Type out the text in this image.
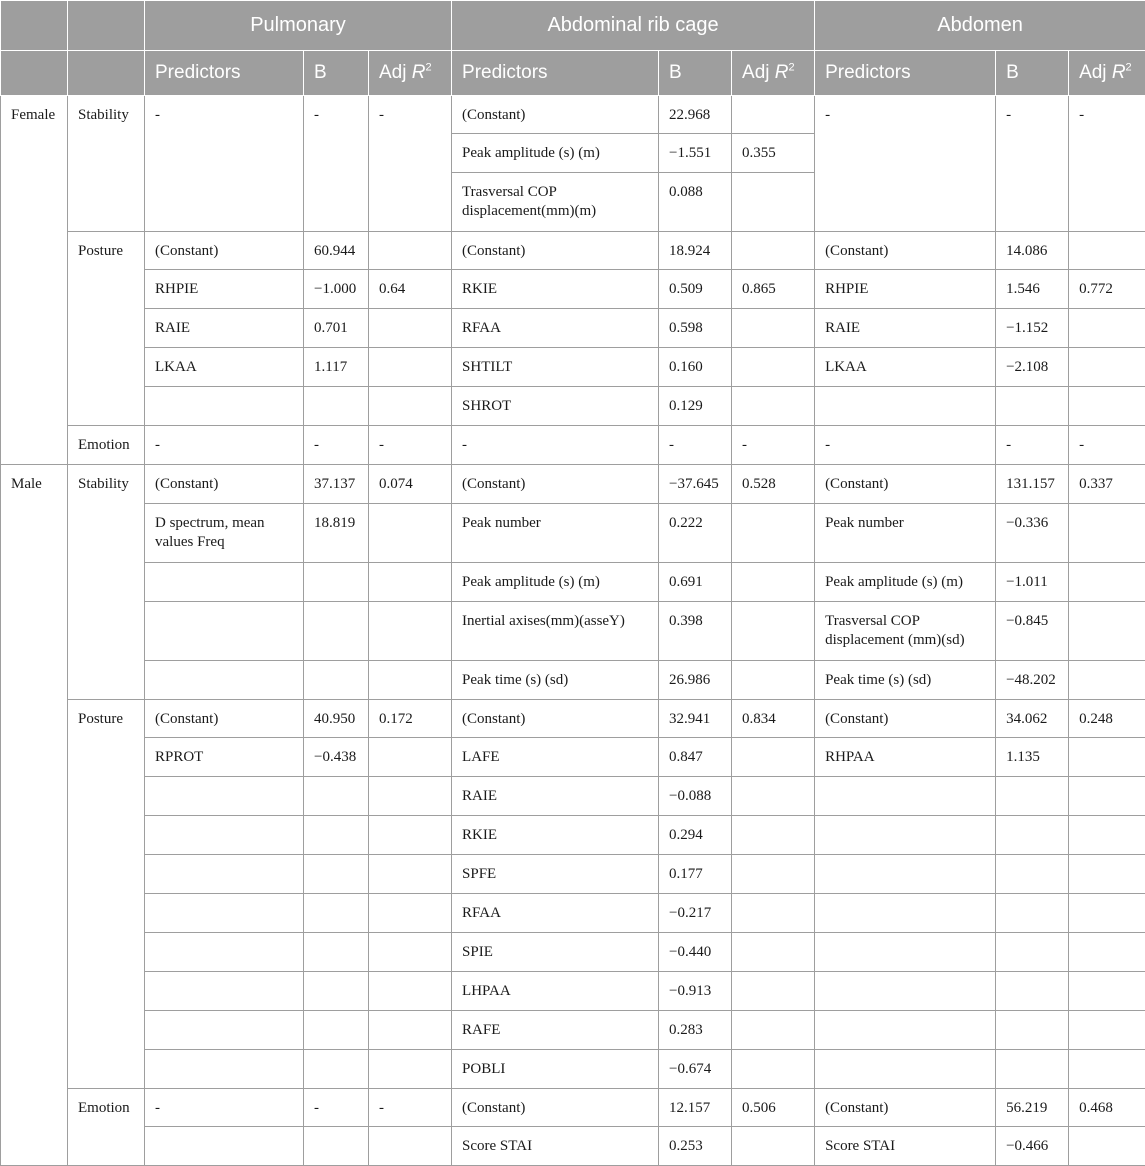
		Pulmonary			Abdominal rib cage			Abdomen		
		Predictors	B	Adj $R^2$	Predictors	B	Adj $R^2$	Predictors	B	Adj $R^2$
Female	Stability	-	-	-	(Constant)	22.968		-	-	-
					Peak amplitude (s) (m)	−1.551	0.355			
					Trasversal COP displacement(mm)(m)	0.088				
	Posture	(Constant)	60.944		(Constant)	18.924		(Constant)	14.086	
		RHPIE	−1.000	0.64	RKIE	0.509	0.865	RHPIE	1.546	0.772
		RAIE	0.701		RFAA	0.598		RAIE	−1.152	
		LKAA	1.117		SHTILT	0.160		LKAA	−2.108	
					SHROT	0.129				
	Emotion	-	-	-	-	-	-	-	-	-
Male	Stability	(Constant)	37.137	0.074	(Constant)	−37.645	0.528	(Constant)	131.157	0.337
		D spectrum, mean values Freq	18.819		Peak number	0.222		Peak number	−0.336	
					Peak amplitude (s) (m)	0.691		Peak amplitude (s) (m)	−1.011	
					Inertial axises(mm)(asseY)	0.398		Trasversal COP displacement (mm)(sd)	−0.845	
					Peak time (s) (sd)	26.986		Peak time (s) (sd)	−48.202	
	Posture	(Constant)	40.950	0.172	(Constant)	32.941	0.834	(Constant)	34.062	0.248
		RPROT	−0.438		LAFE	0.847		RHPAA	1.135	
					RAIE	−0.088				
					RKIE	0.294				
					SPFE	0.177				
					RFAA	−0.217				
					SPIE	−0.440				
					LHPAA	−0.913				
					RAFE	0.283				
					POBLI	−0.674				
	Emotion	-	-	-	(Constant)	12.157	0.506	(Constant)	56.219	0.468
					Score STAI	0.253		Score STAI	−0.466	
